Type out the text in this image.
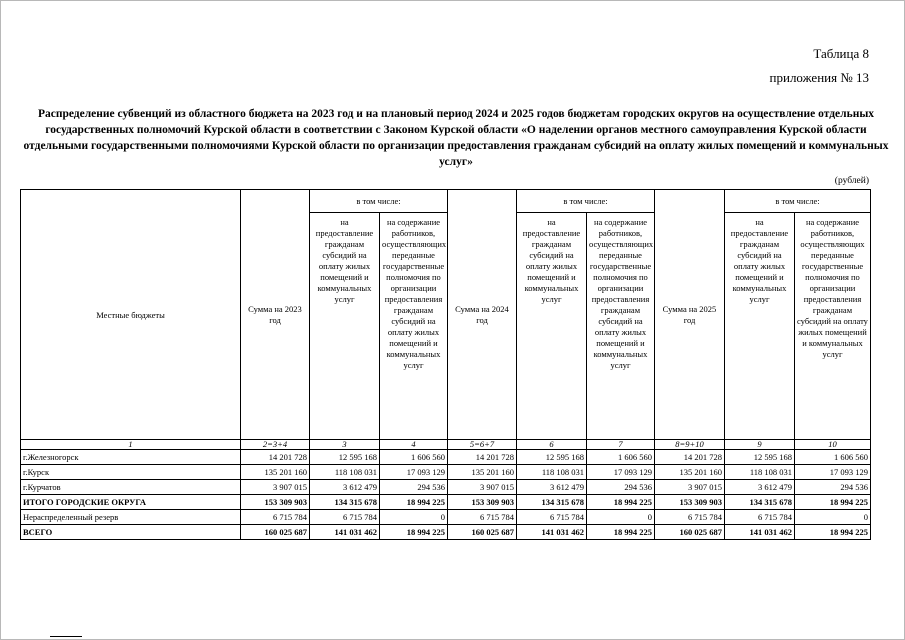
Таблица 8
приложения № 13
Распределение субвенций из областного бюджета на 2023 год и на плановый период 2024 и 2025 годов бюджетам городских округов на осуществление отдельных государственных полномочий Курской области в соответствии с Законом Курской области «О наделении органов местного самоуправления Курской области отдельными государственными полномочиями Курской области по организации предоставления гражданам субсидий на оплату жилых помещений и коммунальных услуг»
(рублей)
Местные бюджеты	Сумма на 2023 год	в том числе:		Сумма на 2024 год	в том числе:		Сумма на 2025 год	в том числе:	
		на предоставление гражданам субсидий на оплату жилых помещений и коммунальных услуг	на содержание работников, осуществляющих переданные государственные полномочия по организации предоставления гражданам субсидий на оплату жилых помещений и коммунальных услуг		на предоставление гражданам субсидий на оплату жилых помещений и коммунальных услуг	на содержание работников, осуществляющих переданные государственные полномочия по организации предоставления гражданам субсидий на оплату жилых помещений и коммунальных услуг		на предоставление гражданам субсидий на оплату жилых помещений и коммунальных услуг	на содержание работников, осуществляющих переданные государственные полномочия по организации предоставления гражданам субсидий на оплату жилых помещений и коммунальных услуг
1	2=3+4	3	4	5=6+7	6	7	8=9+10	9	10
г.Железногорск	14 201 728	12 595 168	1 606 560	14 201 728	12 595 168	1 606 560	14 201 728	12 595 168	1 606 560
г.Курск	135 201 160	118 108 031	17 093 129	135 201 160	118 108 031	17 093 129	135 201 160	118 108 031	17 093 129
г.Курчатов	3 907 015	3 612 479	294 536	3 907 015	3 612 479	294 536	3 907 015	3 612 479	294 536
ИТОГО ГОРОДСКИЕ ОКРУГА	153 309 903	134 315 678	18 994 225	153 309 903	134 315 678	18 994 225	153 309 903	134 315 678	18 994 225
Нераспределенный резерв	6 715 784	6 715 784	0	6 715 784	6 715 784	0	6 715 784	6 715 784	0
ВСЕГО	160 025 687	141 031 462	18 994 225	160 025 687	141 031 462	18 994 225	160 025 687	141 031 462	18 994 225
